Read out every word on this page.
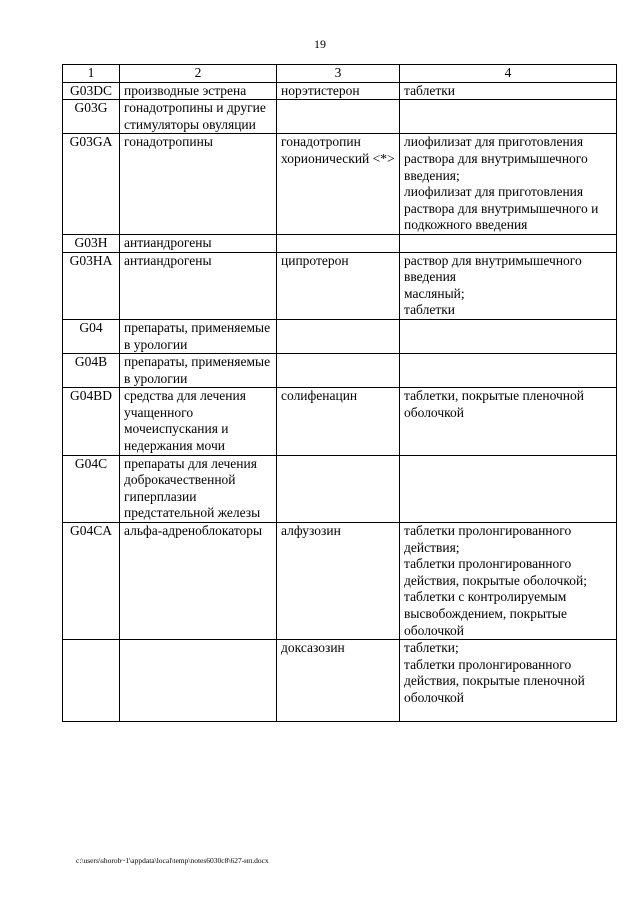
19
1	2	3	4
G03DC	производные эстрена	норэтистерон	таблетки

G03G	гонадотропины и другие стимуляторы овуляции		
G03GA	гонадотропины	гонадотропин хорионический <*>	лиофилизат для приготовления раствора для внутримышечного введения;
лиофилизат для приготовления раствора для внутримышечного и подкожного введения

G03H	антиандрогены		
G03HA	антиандрогены	ципротерон	раствор для внутримышечного введения
масляный;
таблетки

G04	препараты, применяемые в урологии		
G04B	препараты, применяемые в урологии		
G04BD	средства для лечения учащенного мочеиспускания и недержания мочи	солифенацин	таблетки, покрытые пленочной оболочкой

G04C	препараты для лечения доброкачественной гиперплазии предстательной железы		
G04CA	альфа-адреноблокаторы	алфузозин	таблетки пролонгированного действия;
таблетки пролонгированного действия, покрытые оболочкой;
таблетки с контролируемым высвобождением, покрытые оболочкой

		доксазозин	таблетки;
таблетки пролонгированного действия, покрытые пленочной оболочкой
c:\users\shorob~1\appdata\local\temp\notes6030c8\627-ип.docx
